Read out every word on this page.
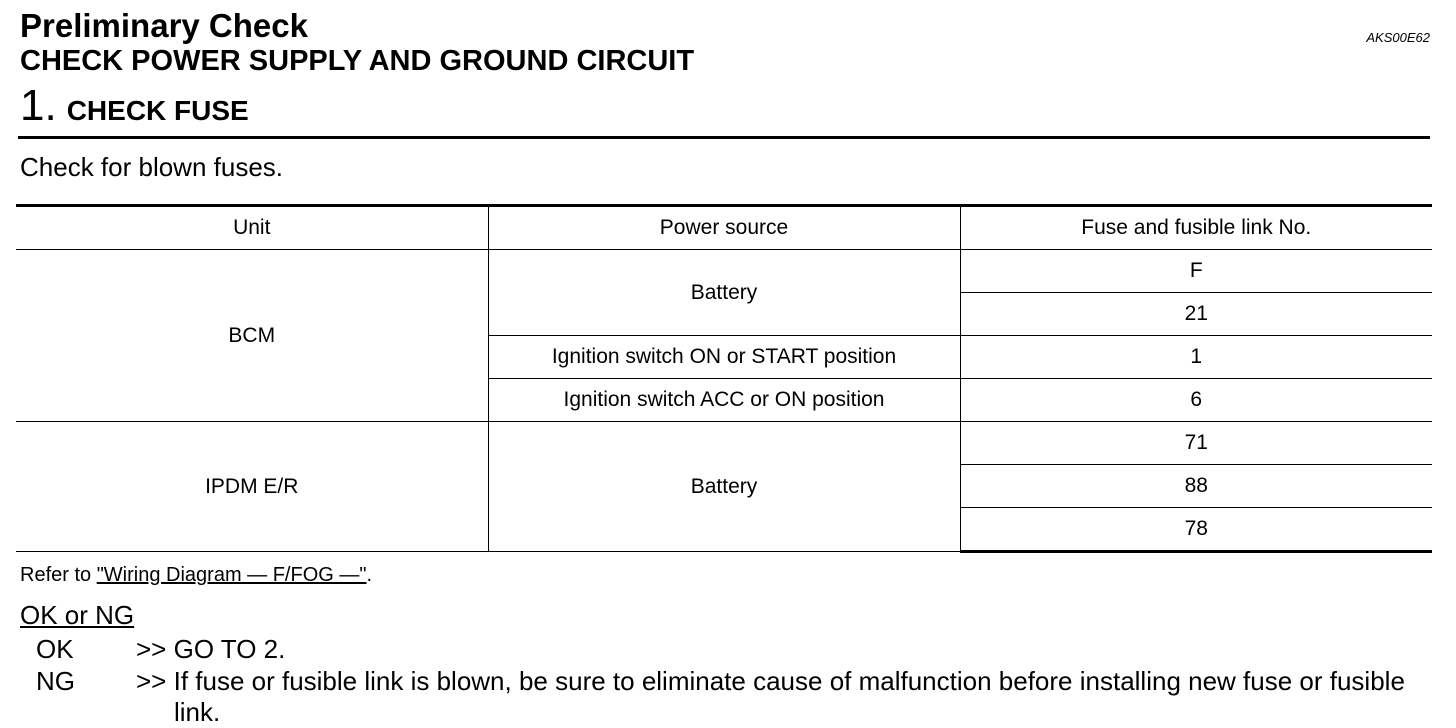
AKS00E62
Preliminary Check
CHECK POWER SUPPLY AND GROUND CIRCUIT
1. CHECK FUSE
Check for blown fuses.
Unit	Power source	Fuse and fusible link No.
BCM	Battery	F
		21
	Ignition switch ON or START position	1
	Ignition switch ACC or ON position	6
IPDM E/R	Battery	71
		88
		78
Refer to "Wiring Diagram — F/FOG —".
OK or NG
OK	>> GO TO 2.
NG	>> If fuse or fusible link is blown, be sure to eliminate cause of malfunction before installing new fuse or fusible link.
